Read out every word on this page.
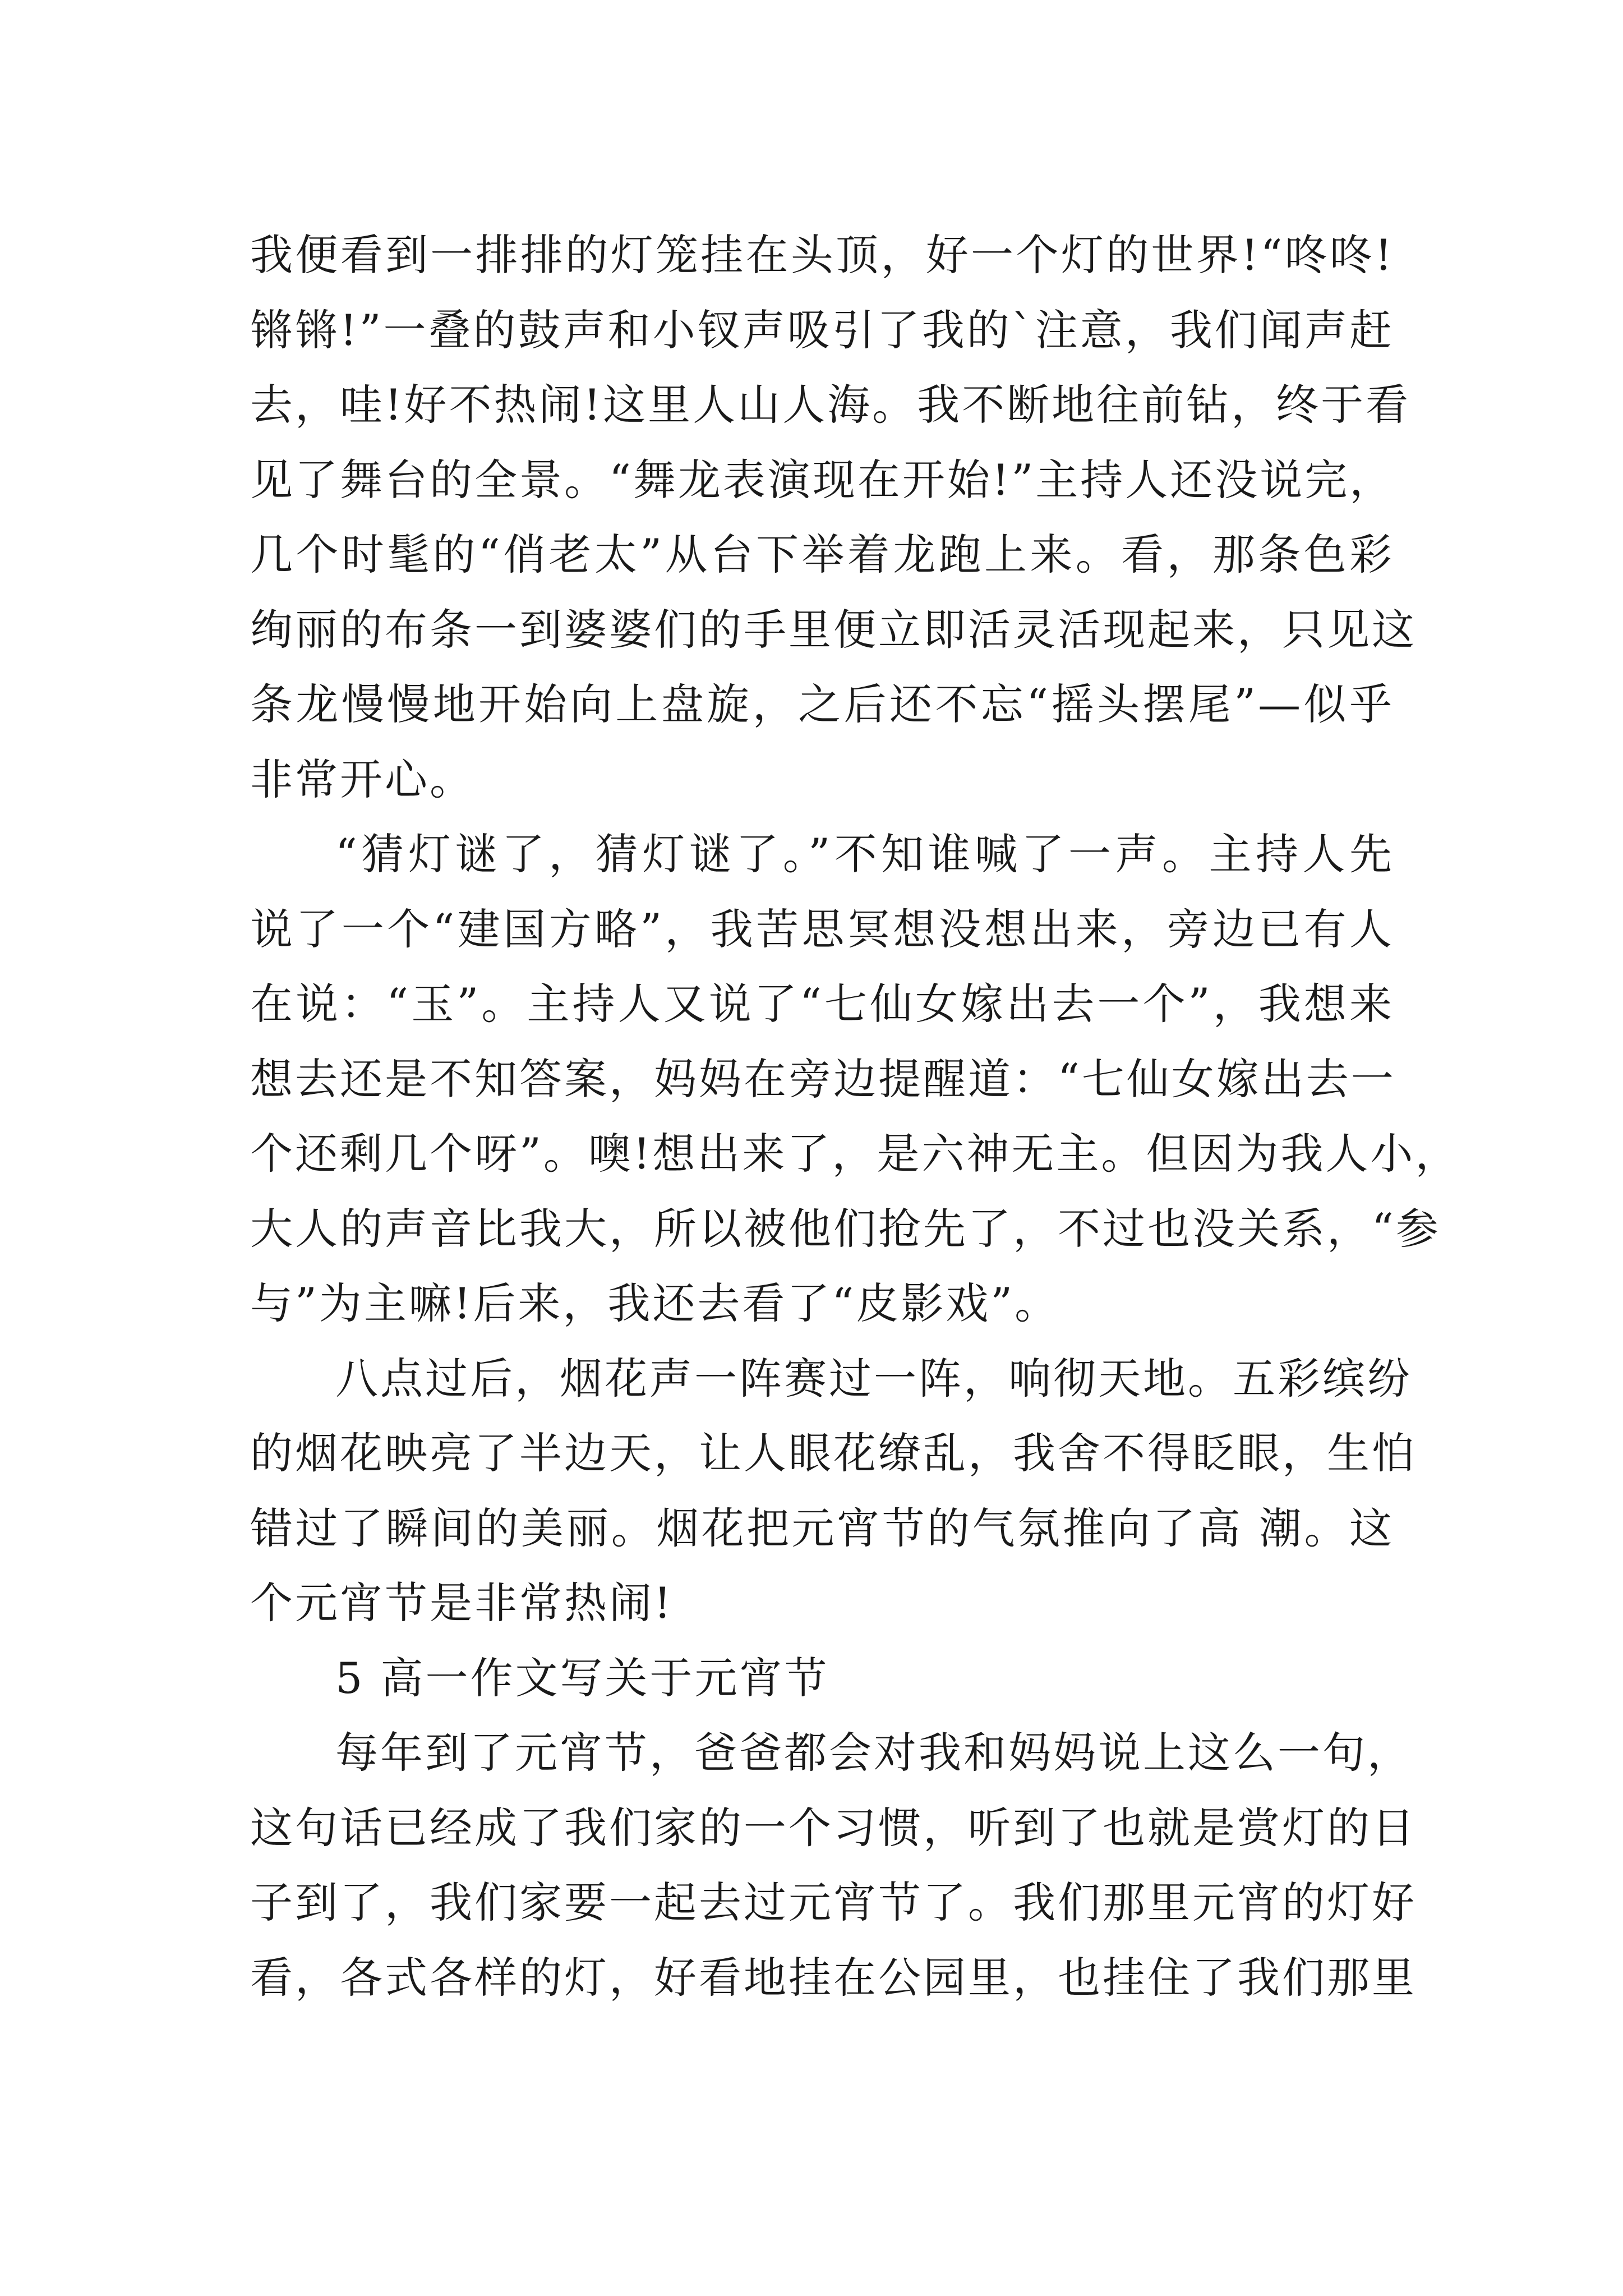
我便看到一排排的灯笼挂在头顶，好一个灯的世界!“咚咚!
锵锵!”一叠的鼓声和小钗声吸引了我的`注意，我们闻声赶
去，哇!好不热闹!这里人山人海。我不断地往前钻，终于看
见了舞台的全景。“舞龙表演现在开始!”主持人还没说完，
几个时髦的“俏老太”从台下举着龙跑上来。看，那条色彩
绚丽的布条一到婆婆们的手里便立即活灵活现起来，只见这
条龙慢慢地开始向上盘旋，之后还不忘“摇头摆尾”—似乎
非常开心。
“猜灯谜了，猜灯谜了。”不知谁喊了一声。主持人先
说了一个“建国方略”，我苦思冥想没想出来，旁边已有人
在说：“玉”。主持人又说了“七仙女嫁出去一个”，我想来
想去还是不知答案，妈妈在旁边提醒道：“七仙女嫁出去一
个还剩几个呀”。噢!想出来了，是六神无主。但因为我人小，
大人的声音比我大，所以被他们抢先了，不过也没关系，“参
与”为主嘛!后来，我还去看了“皮影戏”。
八点过后，烟花声一阵赛过一阵，响彻天地。五彩缤纷
的烟花映亮了半边天，让人眼花缭乱，我舍不得眨眼，生怕
错过了瞬间的美丽。烟花把元宵节的气氛推向了高 潮。这
个元宵节是非常热闹!
5 高一作文写关于元宵节
每年到了元宵节，爸爸都会对我和妈妈说上这么一句，
这句话已经成了我们家的一个习惯，听到了也就是赏灯的日
子到了，我们家要一起去过元宵节了。我们那里元宵的灯好
看，各式各样的灯，好看地挂在公园里，也挂住了我们那里
